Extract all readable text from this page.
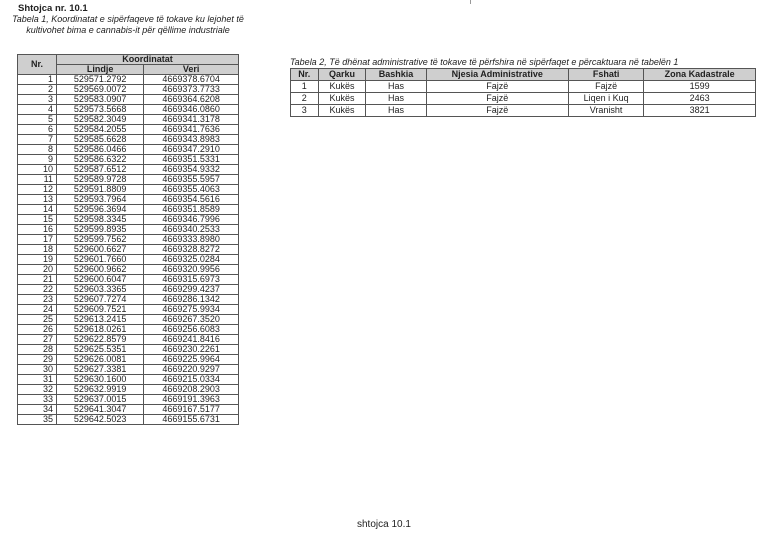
Shtojca nr. 10.1
Tabela 1, Koordinatat e sipërfaqeve të tokave ku lejohet të kultivohet bima e cannabis-it për qëllime industriale
Nr.	Koordinatat	
	Lindje	Veri
1	529571.2792	4669378.6704
2	529569.0072	4669373.7733
3	529583.0907	4669364.6208
4	529573.5668	4669346.0860
5	529582.3049	4669341.3178
6	529584.2055	4669341.7636
7	529585.6628	4669343.8983
8	529586.0466	4669347.2910
9	529586.6322	4669351.5331
10	529587.6512	4669354.9332
11	529589.9728	4669355.5957
12	529591.8809	4669355.4063
13	529593.7964	4669354.5616
14	529596.3694	4669351.8589
15	529598.3345	4669346.7996
16	529599.8935	4669340.2533
17	529599.7562	4669333.8980
18	529600.6627	4669328.8272
19	529601.7660	4669325.0284
20	529600.9662	4669320.9956
21	529600.6047	4669315.6973
22	529603.3365	4669299.4237
23	529607.7274	4669286.1342
24	529609.7521	4669275.9934
25	529613.2415	4669267.3520
26	529618.0261	4669256.6083
27	529622.8579	4669241.8416
28	529625.5351	4669230.2261
29	529626.0081	4669225.9964
30	529627.3381	4669220.9297
31	529630.1600	4669215.0334
32	529632.9919	4669208.2903
33	529637.0015	4669191.3963
34	529641.3047	4669167.5177
35	529642.5023	4669155.6731
Tabela 2, Të dhënat administrative të tokave të përfshira në sipërfaqet e përcaktuara në tabelën 1
Nr.	Qarku	Bashkia	Njesia Administrative	Fshati	Zona Kadastrale
1	Kukës	Has	Fajzë	Fajzë	1599
2	Kukës	Has	Fajzë	Liqen i Kuq	2463
3	Kukës	Has	Fajzë	Vranisht	3821
shtojca 10.1
